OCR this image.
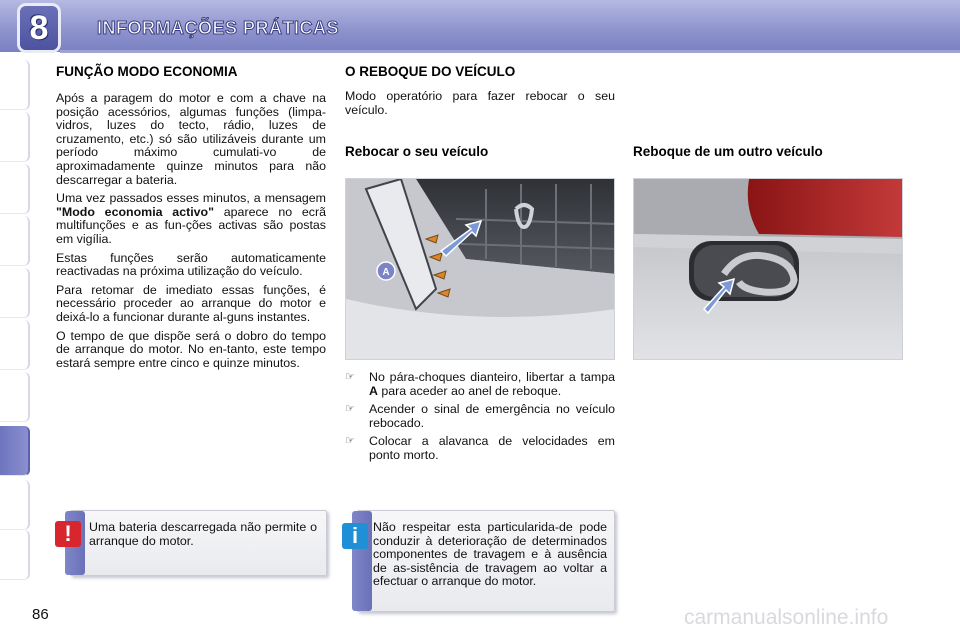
8	INFORMAÇÕES PRÁTICAS
FUNÇÃO MODO ECONOMIA

Após a paragem do motor e com a chave na posição acessórios, algumas funções (limpa-vidros, luzes do tecto, rádio, luzes de cruzamento, etc.) só são utilizáveis durante um período máximo cumulati-vo de aproximadamente quinze minutos para não descarregar a bateria.

Uma vez passados esses minutos, a mensagem "Modo economia activo" aparece no ecrã multifunções e as fun-ções activas são postas em vigília.

Estas funções serão automaticamente reactivadas na próxima utilização do veículo.

Para retomar de imediato essas funções, é necessário proceder ao arranque do motor e deixá-lo a funcionar durante al-guns instantes.

O tempo de que dispõe será o dobro do tempo de arranque do motor. No en-tanto, este tempo estará sempre entre cinco e quinze minutos.

O REBOQUE DO VEÍCULO

Modo operatório para fazer rebocar o seu veículo.

Rebocar o seu veículo
A
☞ No pára-choques dianteiro, libertar a tampa A para aceder ao anel de reboque.
☞ Acender o sinal de emergência no veículo rebocado.
☞ Colocar a alavanca de velocidades em ponto morto.
Reboque de um outro veículo
!	Uma bateria descarregada não permite o arranque do motor.	i	Não respeitar esta particularida-de pode conduzir à deterioração de determinados componentes de travagem e à ausência de as-sistência de travagem ao voltar a efectuar o arranque do motor.
86	carmanualsonline.info
